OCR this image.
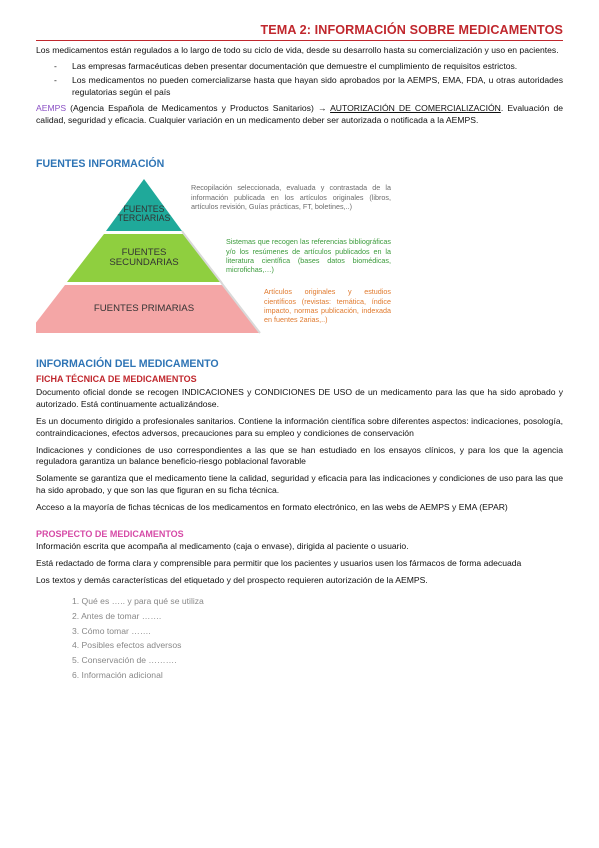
TEMA 2: INFORMACIÓN SOBRE MEDICAMENTOS

Los medicamentos están regulados a lo largo de todo su ciclo de vida, desde su desarrollo hasta su comercialización y uso en pacientes.

-	Las empresas farmacéuticas deben presentar documentación que demuestre el cumplimiento de requisitos estrictos.
-	Los medicamentos no pueden comercializarse hasta que hayan sido aprobados por la AEMPS, EMA, FDA, u otras autoridades regulatorias según el país

AEMPS (Agencia Española de Medicamentos y Productos Sanitarios) → AUTORIZACIÓN DE COMERCIALIZACIÓN. Evaluación de calidad, seguridad y eficacia. Cualquier variación en un medicamento deber ser autorizada o notificada a la AEMPS.

FUENTES INFORMACIÓN
FUENTES
TERCIARIAS
FUENTES
SECUNDARIAS
FUENTES PRIMARIAS
Recopilación seleccionada, evaluada y contrastada de la información publicada en los artículos originales (libros, artículos revisión, Guías prácticas, FT, boletines,..)
Sistemas que recogen las referencias bibliográficas y/o los resúmenes de artículos publicados en la literatura científica (bases datos biomédicas, microfichas,…)
Artículos originales y estudios científicos (revistas: temática, índice impacto, normas publicación, indexada en fuentes 2arias,..)
INFORMACIÓN DEL MEDICAMENTO
FICHA TÉCNICA DE MEDICAMENTOS

Documento oficial donde se recogen INDICACIONES y CONDICIONES DE USO de un medicamento para las que ha sido aprobado y autorizado. Está continuamente actualizándose.

Es un documento dirigido a profesionales sanitarios. Contiene la información científica sobre diferentes aspectos: indicaciones, posología, contraindicaciones, efectos adversos, precauciones para su empleo y condiciones de conservación

Indicaciones y condiciones de uso correspondientes a las que se han estudiado en los ensayos clínicos, y para los que la agencia reguladora garantiza un balance beneficio-riesgo poblacional favorable

Solamente se garantiza que el medicamento tiene la calidad, seguridad y eficacia para las indicaciones y condiciones de uso para las que ha sido aprobado, y que son las que figuran en su ficha técnica.

Acceso a la mayoría de fichas técnicas de los medicamentos en formato electrónico, en las webs de AEMPS y EMA (EPAR)

PROSPECTO DE MEDICAMENTOS

Información escrita que acompaña al medicamento (caja o envase), dirigida al paciente o usuario.

Está redactado de forma clara y comprensible para permitir que los pacientes y usuarios usen los fármacos de forma adecuada

Los textos y demás características del etiquetado y del prospecto requieren autorización de la AEMPS.

1. Qué es ….. y para qué se utiliza
2. Antes de tomar …….
3. Cómo tomar …….
4. Posibles efectos adversos
5. Conservación de ……….
6. Información adicional
